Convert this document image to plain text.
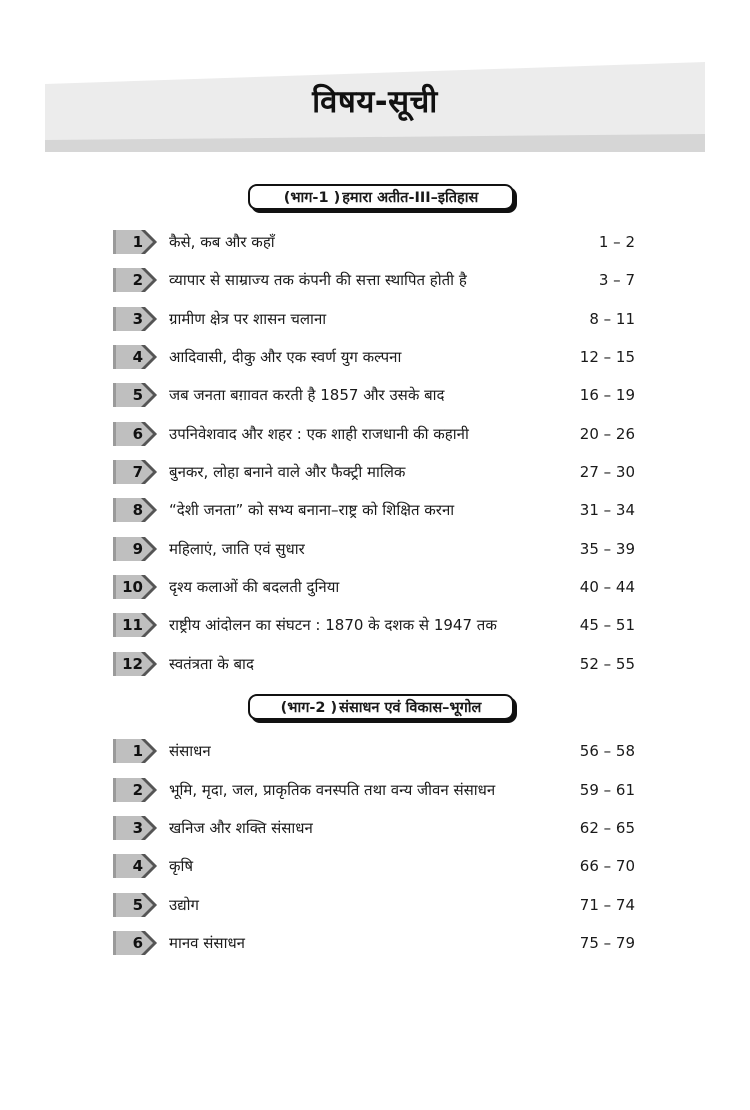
विषय-सूची
(भाग-1 ) हमारा अतीत-III–इतिहास
1 कैसे, कब और कहाँ	1 – 2
2 व्यापार से साम्राज्य तक कंपनी की सत्ता स्थापित होती है	3 – 7
3 ग्रामीण क्षेत्र पर शासन चलाना	8 – 11
4 आदिवासी, दीकु और एक स्वर्ण युग कल्पना	12 – 15
5 जब जनता बग़ावत करती है 1857 और उसके बाद	16 – 19
6 उपनिवेशवाद और शहर : एक शाही राजधानी की कहानी	20 – 26
7 बुनकर, लोहा बनाने वाले और फैक्ट्री मालिक	27 – 30
8 “देशी जनता” को सभ्य बनाना–राष्ट्र को शिक्षित करना	31 – 34
9 महिलाएं, जाति एवं सुधार	35 – 39
10 दृश्य कलाओं की बदलती दुनिया	40 – 44
11 राष्ट्रीय आंदोलन का संघटन : 1870 के दशक से 1947 तक	45 – 51
12 स्वतंत्रता के बाद	52 – 55
(भाग-2 ) संसाधन एवं विकास–भूगोल
1 संसाधन	56 – 58
2 भूमि, मृदा, जल, प्राकृतिक वनस्पति तथा वन्य जीवन संसाधन	59 – 61
3 खनिज और शक्ति संसाधन	62 – 65
4 कृषि	66 – 70
5 उद्योग	71 – 74
6 मानव संसाधन	75 – 79
